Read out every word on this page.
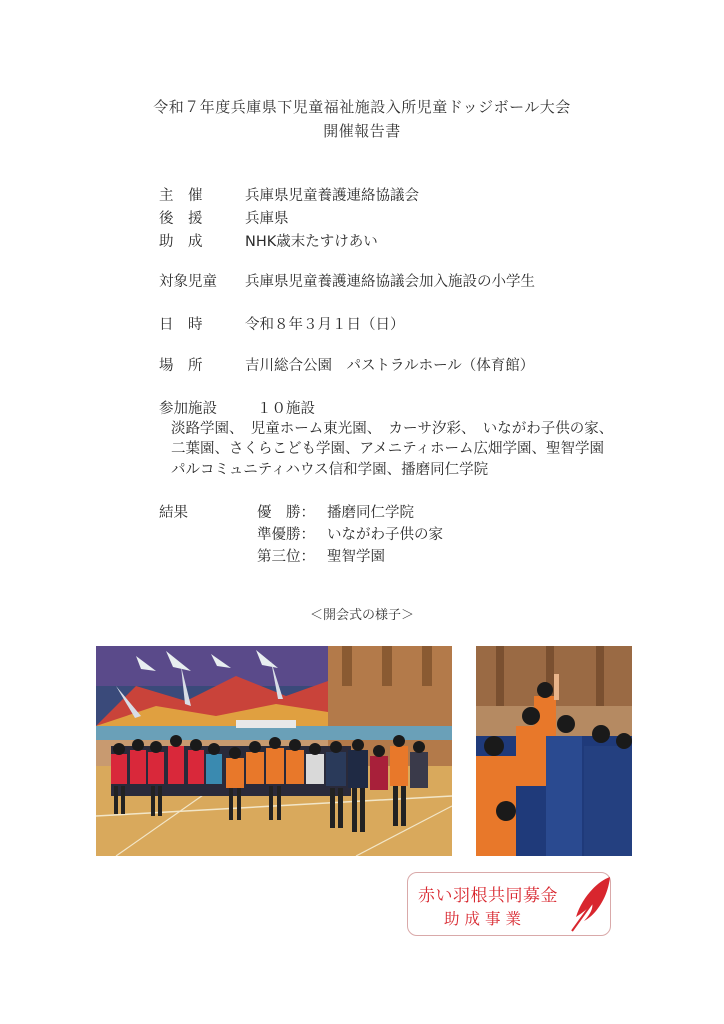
令和７年度兵庫県下児童福祉施設入所児童ドッジボール大会
開催報告書
主　催	兵庫県児童養護連絡協議会
後　援	兵庫県
助　成	NHK歳末たすけあい
対象児童 兵庫県児童養護連絡協議会加入施設の小学生
日　時	令和８年３月１日（日）
場　所	吉川総合公園　パストラルホール（体育館）
参加施設	１０施設
淡路学園、　児童ホーム東光園、　カーサ汐彩、　いながわ子供の家、
二葉園、さくらこども学園、アメニティホーム広畑学園、聖智学園
パルコミュニティハウス信和学園、播磨同仁学院
結果	優　勝： 播磨同仁学院
準優勝： いながわ子供の家
第三位： 聖智学園
＜開会式の様子＞
赤い羽根共同募金
助成事業
